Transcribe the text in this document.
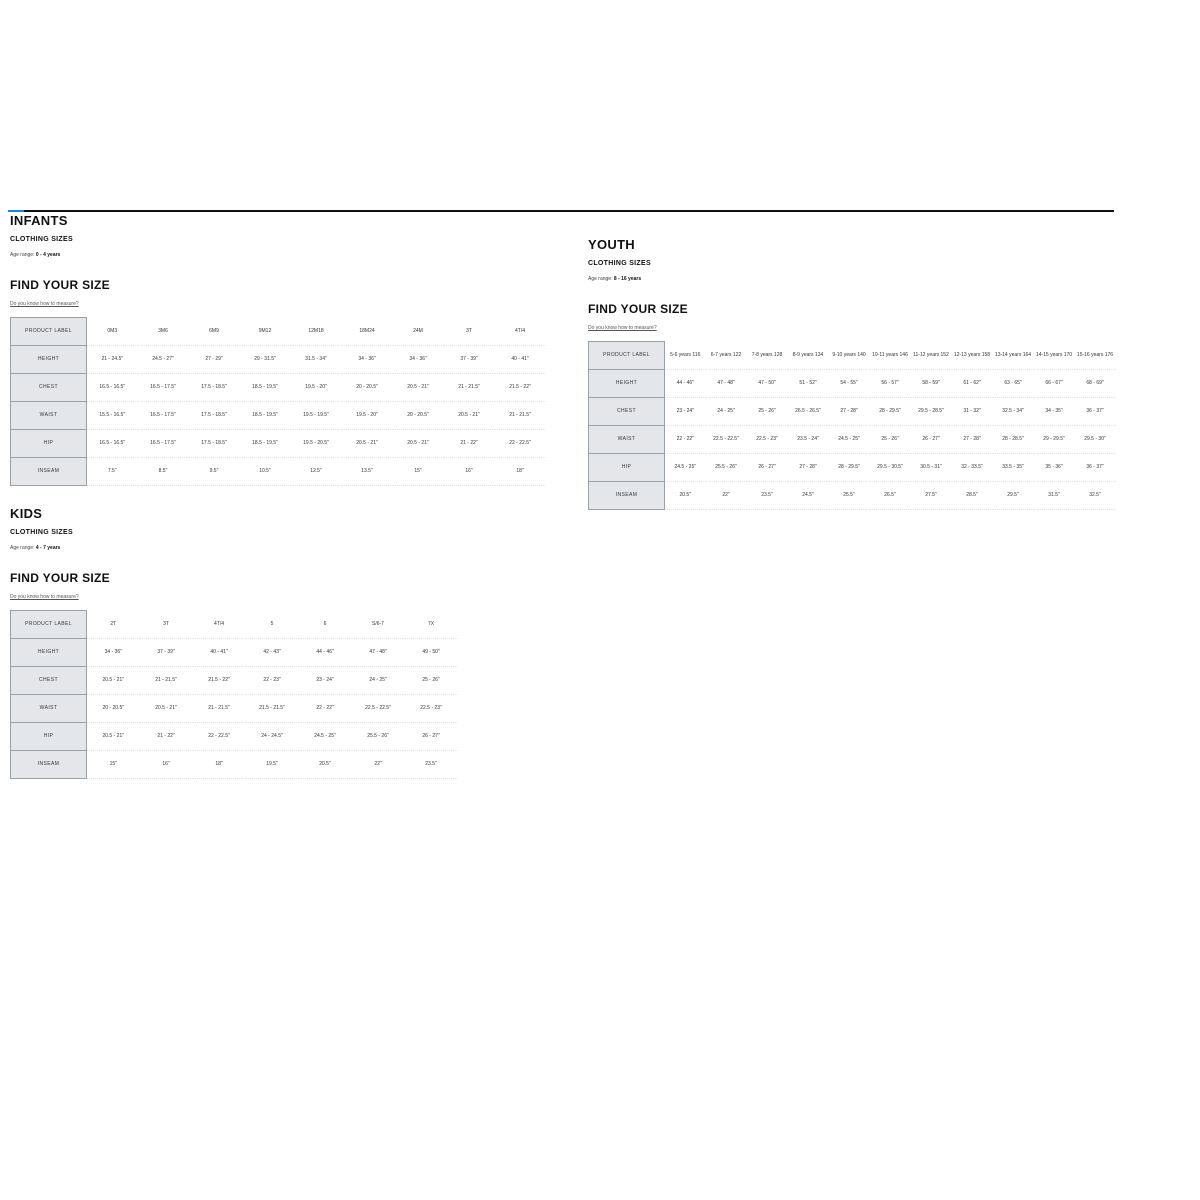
INFANTS
CLOTHING SIZES
Age range: 0 - 4 years
FIND YOUR SIZE
Do you know how to measure?
PRODUCT LABEL	0M3	3M6	6M9	9M12	12M18	18M24	24M	3T	4T/4
HEIGHT	21 - 24.5"	24.5 - 27"	27 - 29"	29 - 31.5"	31.5 - 34"	34 - 36"	34 - 36"	37 - 39"	40 - 41"
CHEST	16.5 - 16.5"	16.5 - 17.5"	17.5 - 18.5"	18.5 - 19.5"	19.5 - 20"	20 - 20.5"	20.5 - 21"	21 - 21.5"	21.5 - 22"
WAIST	15.5 - 16.5"	16.5 - 17.5"	17.5 - 18.5"	18.5 - 19.5"	19.5 - 19.5"	19.5 - 20"	20 - 20.5"	20.5 - 21"	21 - 21.5"
HIP	16.5 - 16.5"	16.5 - 17.5"	17.5 - 18.5"	18.5 - 19.5"	19.5 - 20.5"	20.5 - 21"	20.5 - 21"	21 - 22"	22 - 22.5"
INSEAM	7.5"	8.5"	9.5"	10.5"	12.5"	13.5"	15"	16"	18"
KIDS
CLOTHING SIZES
Age range: 4 - 7 years
FIND YOUR SIZE
Do you know how to measure?
PRODUCT LABEL	2T	3T	4T/4	5	6	S/6-7	7X
HEIGHT	34 - 36"	37 - 39"	40 - 41"	42 - 43"	44 - 46"	47 - 48"	49 - 50"
CHEST	20.5 - 21"	21 - 21.5"	21.5 - 22"	22 - 23"	23 - 24"	24 - 25"	25 - 26"
WAIST	20 - 20.5"	20.5 - 21"	21 - 21.5"	21.5 - 21.5"	22 - 22"	22.5 - 22.5"	22.5 - 23"
HIP	20.5 - 21"	21 - 22"	22 - 22.5"	24 - 24.5"	24.5 - 25"	25.5 - 26"	26 - 27"
INSEAM	15"	16"	18"	19.5"	20.5"	22"	23.5"
YOUTH
CLOTHING SIZES
Age range: 8 - 16 years
FIND YOUR SIZE
Do you know how to measure?
PRODUCT LABEL	5-6 years 116	6-7 years 122	7-8 years 128	8-9 years 134	9-10 years 140	10-11 years 146	11-12 years 152	12-13 years 158	13-14 years 164	14-15 years 170	15-16 years 176
HEIGHT	44 - 46"	47 - 48"	47 - 50"	51 - 52"	54 - 55"	56 - 57"	58 - 59"	61 - 62"	63 - 65"	66 - 67"	68 - 69"
CHEST	23 - 24"	24 - 25"	25 - 26"	26.5 - 26.5"	27 - 28"	28 - 29.5"	29.5 - 28.5"	31 - 32"	32.5 - 34"	34 - 35"	36 - 37"
WAIST	22 - 22"	22.5 - 22.5"	22.5 - 23"	23.5 - 24"	24.5 - 25"	25 - 26"	26 - 27"	27 - 28"	28 - 28.5"	29 - 29.5"	29.5 - 30"
HIP	24.5 - 25"	25.5 - 26"	26 - 27"	27 - 28"	28 - 29.5"	29.5 - 30.5"	30.5 - 31"	32 - 33.5"	33.5 - 35"	35 - 36"	36 - 37"
INSEAM	20.5"	22"	23.5"	24.5"	25.5"	26.5"	27.5"	28.5"	29.5"	31.5"	32.5"
